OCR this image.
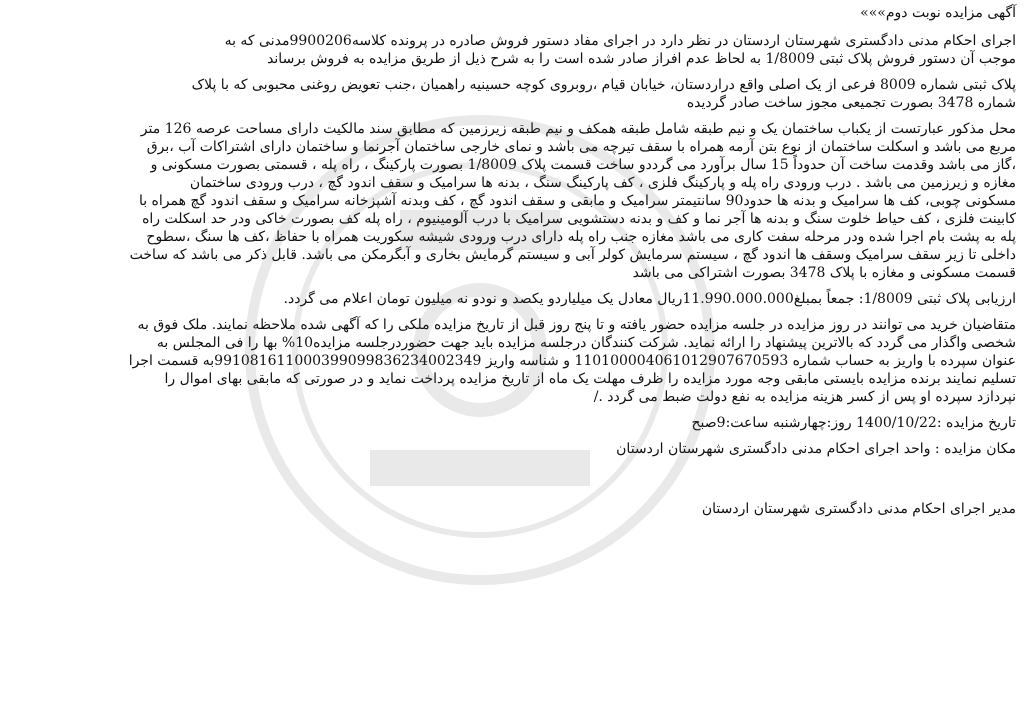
آگهی مزایده نوبت دوم»»»
اجرای احکام مدنی دادگستری شهرستان اردستان در نظر دارد در اجرای مفاد دستور فروش صادره در پرونده کلاسه9900206مدنی که به
موجب آن دستور فروش پلاک ثبتی 1/8009 به لحاظ عدم افراز صادر شده است را به شرح ذیل از طریق مزایده به فروش برساند
پلاک ثبتی شماره 8009 فرعی از یک اصلی واقع دراردستان، خیابان قیام ،روبروی کوچه حسینیه راهمیان ،جنب تعویض روغنی محبوبی که با پلاک
شماره 3478 بصورت تجمیعی مجوز ساخت صادر گردیده
محل مذکور عبارتست از یکباب ساختمان یک و نیم طبقه شامل طبقه همکف و نیم طبقه زیرزمین که مطابق سند مالکیت دارای مساحت عرصه 126 متر
مربع می باشد و اسکلت ساختمان از نوع بتن آرمه همراه با سقف تیرچه می باشد و نمای خارجی ساختمان آجرنما و ساختمان دارای اشتراکات آب ،برق
،گاز می باشد وقدمت ساخت آن حدوداً 15 سال برآورد می گرددو ساخت قسمت پلاک 1/8009 بصورت پارکینگ ، راه پله ، قسمتی بصورت مسکونی و
مغازه و زیرزمین می باشد . درب ورودی راه پله و پارکینگ فلزی ، کف پارکینگ سنگ ، بدنه ها سرامیک و سقف اندود گچ ، درب ورودی ساختمان
مسکونی چوبی، کف ها سرامیک و بدنه ها حدود90 سانتیمتر سرامیک و مابقی و سقف اندود گچ ، کف وبدنه آشپزخانه سرامیک و سقف اندود گچ همراه با
کابینت فلزی ، کف حیاط خلوت سنگ و بدنه ها آجر نما و کف و بدنه دستشویی سرامیک با درب آلومینیوم ، راه پله کف بصورت خاکی ودر حد اسکلت راه
پله به پشت بام اجرا شده ودر مرحله سفت کاری می باشد مغازه جنب راه پله دارای درب ورودی شیشه سکوریت همراه با حفاظ ،کف ها سنگ ،سطوح
داخلی تا زیر سقف سرامیک وسقف ها اندود گچ ، سیستم سرمایش کولر آبی و سیستم گرمایش بخاری و آبگرمکن می باشد. قابل ذکر می باشد که ساخت
قسمت مسکونی و مغازه با پلاک 3478 بصورت اشتراکی می باشد
ارزیابی پلاک ثبتی 1/8009: جمعاً بمبلغ11.990.000.000ریال معادل یک میلیاردو یکصد و نودو نه میلیون تومان اعلام می گردد.
متقاضیان خرید می توانند در روز مزایده در جلسه مزایده حضور یافته و تا پنج روز قبل از تاریخ مزایده ملکی را که آگهی شده ملاحظه نمایند. ملک فوق به
شخصی واگذار می گردد که بالاترین پیشنهاد را ارائه نماید. شرکت کنندگان درجلسه مزایده باید جهت حضوردرجلسه مزایده10% بها را فی المجلس به
عنوان سپرده با واریز به حساب شماره 110100004061012907670593 و شناسه واریز 991081611000399099836234002349به قسمت اجرا
تسلیم نمایند برنده مزایده بایستی مابقی وجه مورد مزایده را ظرف مهلت یک ماه از تاریخ مزایده پرداخت نماید و در صورتی که مابقی بهای اموال را
نپردازد سپرده او پس از کسر هزینه مزایده به نفع دولت ضبط می گردد ./
تاریخ مزایده :1400/10/22 روز:چهارشنبه ساعت:9صبح
مکان مزایده : واحد اجرای احکام مدنی دادگستری شهرستان اردستان
مدیر اجرای احکام مدنی دادگستری شهرستان اردستان
